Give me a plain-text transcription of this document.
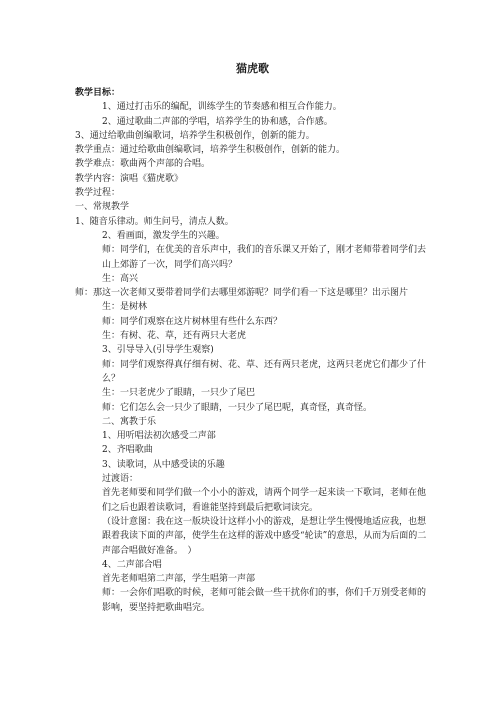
猫虎歌
教学目标：
1、通过打击乐的编配，训练学生的节奏感和相互合作能力。
2、通过歌曲二声部的学唱，培养学生的协和感，合作感。
3、通过给歌曲创编歌词，培养学生积极创作，创新的能力。
教学重点：通过给歌曲创编歌词，培养学生积极创作，创新的能力。
教学难点：歌曲两个声部的合唱。
教学内容：演唱《猫虎歌》
教学过程：
一、常规教学
1、随音乐律动。师生问号，清点人数。
2、看画面，激发学生的兴趣。
师：同学们，在优美的音乐声中，我们的音乐课又开始了，刚才老师带着同学们去山上郊游了一次，同学们高兴吗？
生：高兴
师：那这一次老师又要带着同学们去哪里郊游呢？同学们看一下这是哪里？出示图片
生：是树林
师：同学们观察在这片树林里有些什么东西？
生：有树、花、草，还有两只大老虎
3、引导导入(引导学生观察)
师：同学们观察得真仔细有树、花、草、还有两只老虎，这两只老虎它们都少了什么？
生：一只老虎少了眼睛，一只少了尾巴
师：它们怎么会一只少了眼睛，一只少了尾巴呢，真奇怪，真奇怪。
二、寓教于乐
1、用听唱法初次感受二声部
2、齐唱歌曲
3、读歌词，从中感受读的乐趣
过渡语：
首先老师要和同学们做一个小小的游戏，请两个同学一起来读一下歌词，老师在他们之后也跟着读歌词，看谁能坚持到最后把歌词读完。
（设计意图：我在这一版块设计这样小小的游戏，是想让学生慢慢地适应我，也想跟着我读下面的声部，使学生在这样的游戏中感受“轮读”的意思，从而为后面的二声部合唱做好准备。　）
4、二声部合唱
首先老师唱第二声部，学生唱第一声部
师：一会你们唱歌的时候，老师可能会做一些干扰你们的事，你们千万别受老师的影响，要坚持把歌曲唱完。
